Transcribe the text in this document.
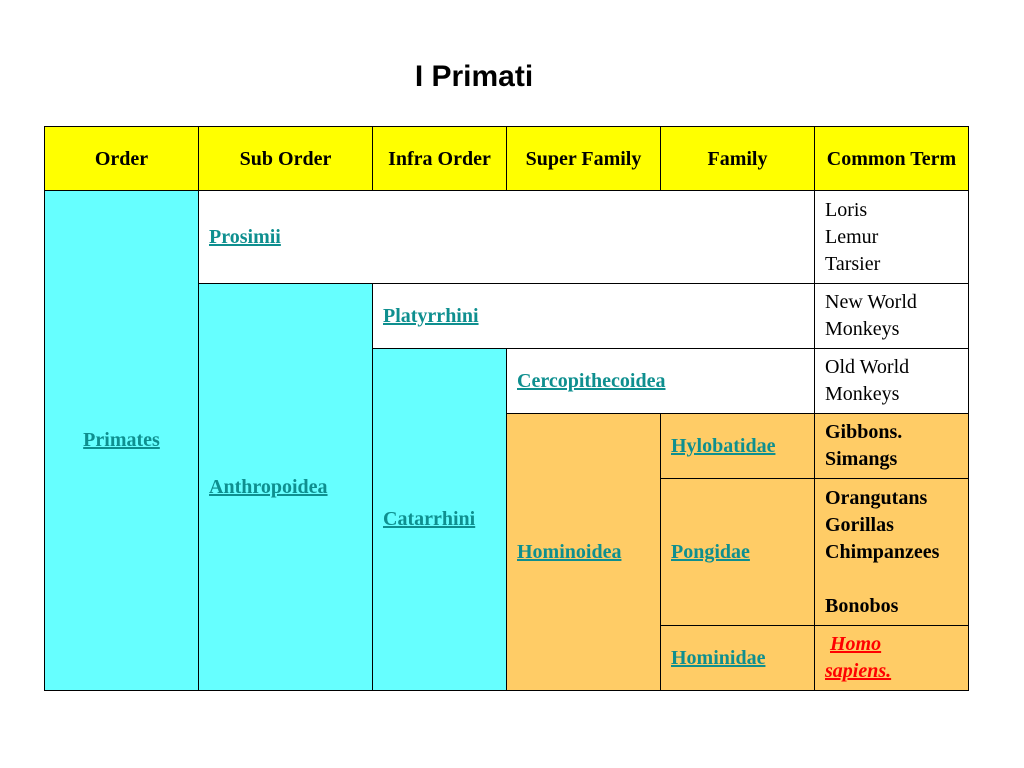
I Primati
Order	Sub Order	Infra Order	Super Family	Family	Common Term
Primates	Prosimii				Loris
Lemur
Tarsier
	Anthropoidea	Platyrrhini			New World
Monkeys
		Catarrhini	Cercopithecoidea		Old World
Monkeys
			Hominoidea	Hylobatidae	Gibbons.
Simangs
				Pongidae	Orangutans
Gorillas
Chimpanzees
Bonobos
				Hominidae	Homo
sapiens.
